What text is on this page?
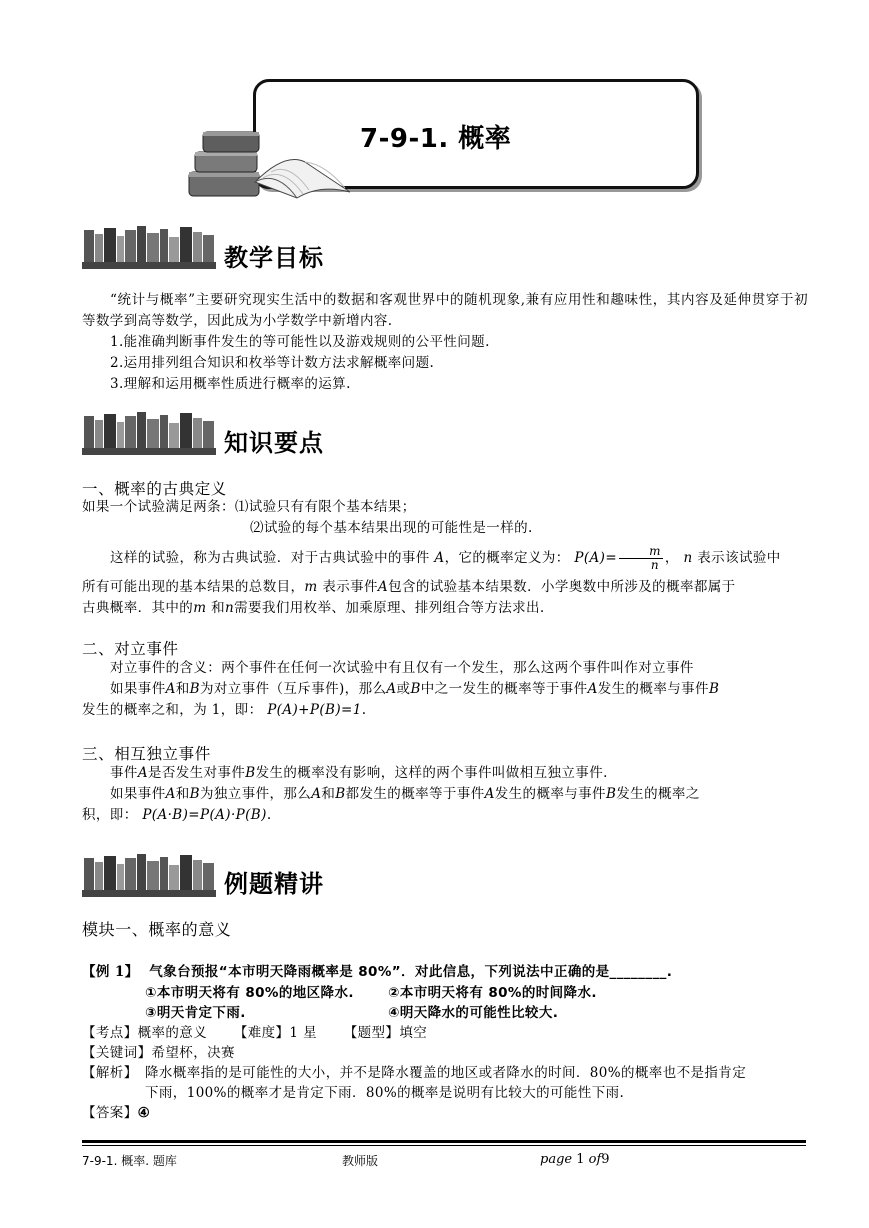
7-9-1. 概率
教学目标
“统计与概率”主要研究现实生活中的数据和客观世界中的随机现象,兼有应用性和趣味性，其内容及延伸贯穿于初等数学到高等数学，因此成为小学数学中新增内容.
1.能准确判断事件发生的等可能性以及游戏规则的公平性问题.
2.运用排列组合知识和枚举等计数方法求解概率问题.
3.理解和运用概率性质进行概率的运算.
知识要点
一、概率的古典定义
如果一个试验满足两条：⑴试验只有有限个基本结果；
⑵试验的每个基本结果出现的可能性是一样的.
这样的试验，称为古典试验．对于古典试验中的事件 A，它的概率定义为： $P(A)= \frac{m}{n}$ ， n 表示该试验中
所有可能出现的基本结果的总数目，m 表示事件A包含的试验基本结果数．小学奥数中所涉及的概率都属于
古典概率．其中的m 和n需要我们用枚举、加乘原理、排列组合等方法求出.
二、对立事件
对立事件的含义：两个事件在任何一次试验中有且仅有一个发生，那么这两个事件叫作对立事件
如果事件A和B为对立事件（互斥事件)，那么A或B中之一发生的概率等于事件A发生的概率与事件B
发生的概率之和，为 1，即： P(A)+P(B)=1.
三、相互独立事件
事件A是否发生对事件B发生的概率没有影响，这样的两个事件叫做相互独立事件.
如果事件A和B为独立事件，那么A和B都发生的概率等于事件A发生的概率与事件B发生的概率之
积，即： P(A·B)=P(A)·P(B).
例题精讲
模块一、概率的意义
【例 1】 气象台预报“本市明天降雨概率是 80%”．对此信息，下列说法中正确的是________.
①本市明天将有 80%的地区降水.	②本市明天将有 80%的时间降水.
③明天肯定下雨.	④明天降水的可能性比较大.
【考点】概率的意义 【难度】1 星 【题型】填空
【关键词】希望杯，决赛
【解析】 降水概率指的是可能性的大小，并不是降水覆盖的地区或者降水的时间．80%的概率也不是指肯定
下雨，100%的概率才是肯定下雨．80%的概率是说明有比较大的可能性下雨.
【答案】④
7-9-1. 概率. 题库	教师版	page 1 of9
